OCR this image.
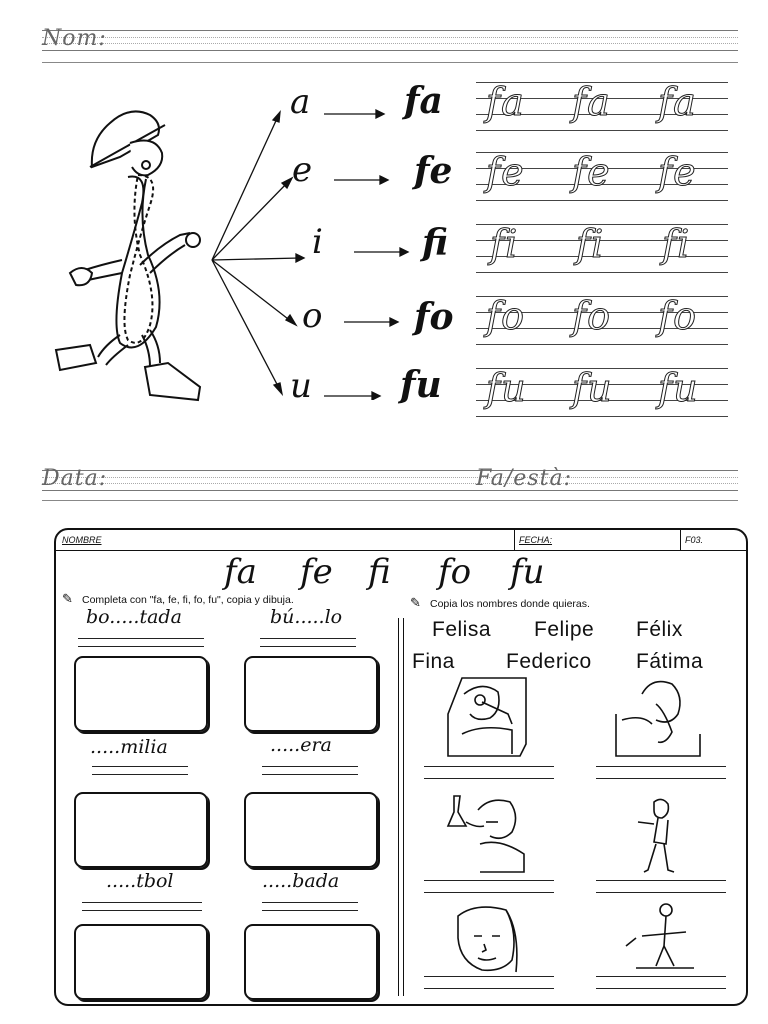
Nom:
a
e
i
o
u
fa
fe
fi
fo
fu
fa fa fa
fe fe fe
fi fi fi
fo fo fo
fu fu fu
Data:	Fa/està:
NOMBRE	FECHA:	F03.
fa fe fi fo fu
✎ Completa con "fa, fe, fi, fo, fu", copia y dibuja.	✎ Copia los nombres donde quieras.
bo.....tada	bú.....lo
.....milia	.....era
.....tbol	.....bada
Felisa Felipe Félix
Fina Federico Fátima
